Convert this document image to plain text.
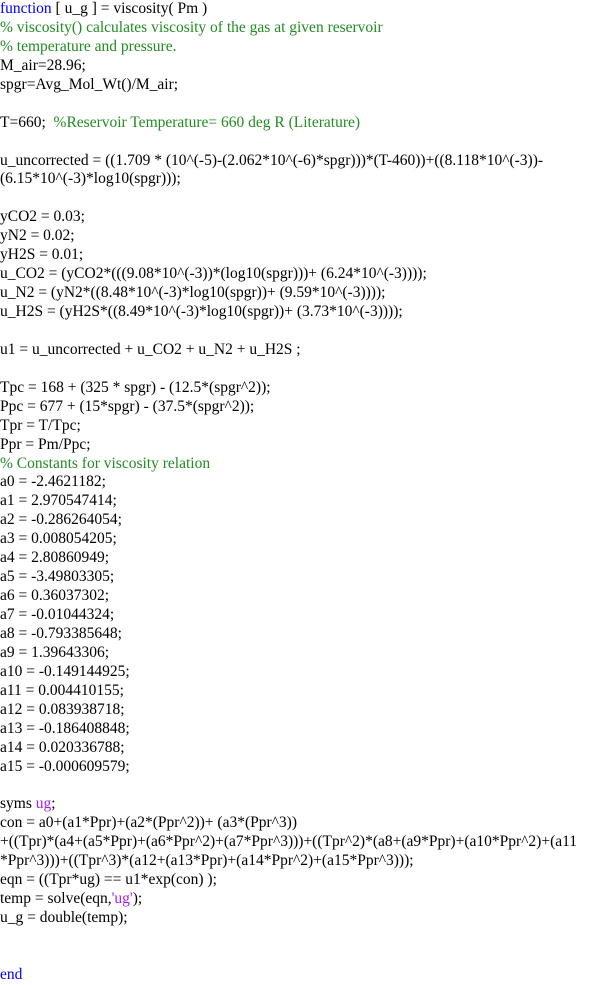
function [ u_g ] = viscosity( Pm )
% viscosity() calculates viscosity of the gas at given reservoir
% temperature and pressure.
M_air=28.96;
spgr=Avg_Mol_Wt()/M_air;
T=660;  %Reservoir Temperature= 660 deg R (Literature)
u_uncorrected = ((1.709 * (10^(-5)-(2.062*10^(-6)*spgr)))*(T-460))+((8.118*10^(-3))-
(6.15*10^(-3)*log10(spgr)));
yCO2 = 0.03;
yN2 = 0.02;
yH2S = 0.01;
u_CO2 = (yCO2*(((9.08*10^(-3))*(log10(spgr)))+ (6.24*10^(-3))));
u_N2 = (yN2*((8.48*10^(-3)*log10(spgr))+ (9.59*10^(-3))));
u_H2S = (yH2S*((8.49*10^(-3)*log10(spgr))+ (3.73*10^(-3))));
u1 = u_uncorrected + u_CO2 + u_N2 + u_H2S ;
Tpc = 168 + (325 * spgr) - (12.5*(spgr^2));
Ppc = 677 + (15*spgr) - (37.5*(spgr^2));
Tpr = T/Tpc;
Ppr = Pm/Ppc;
% Constants for viscosity relation
a0 = -2.4621182;
a1 = 2.970547414;
a2 = -0.286264054;
a3 = 0.008054205;
a4 = 2.80860949;
a5 = -3.49803305;
a6 = 0.36037302;
a7 = -0.01044324;
a8 = -0.793385648;
a9 = 1.39643306;
a10 = -0.149144925;
a11 = 0.004410155;
a12 = 0.083938718;
a13 = -0.186408848;
a14 = 0.020336788;
a15 = -0.000609579;
syms ug;
con = a0+(a1*Ppr)+(a2*(Ppr^2))+ (a3*(Ppr^3))
+((Tpr)*(a4+(a5*Ppr)+(a6*Ppr^2)+(a7*Ppr^3)))+((Tpr^2)*(a8+(a9*Ppr)+(a10*Ppr^2)+(a11
*Ppr^3)))+((Tpr^3)*(a12+(a13*Ppr)+(a14*Ppr^2)+(a15*Ppr^3)));
eqn = ((Tpr*ug) == u1*exp(con) );
temp = solve(eqn,'ug');
u_g = double(temp);
end
